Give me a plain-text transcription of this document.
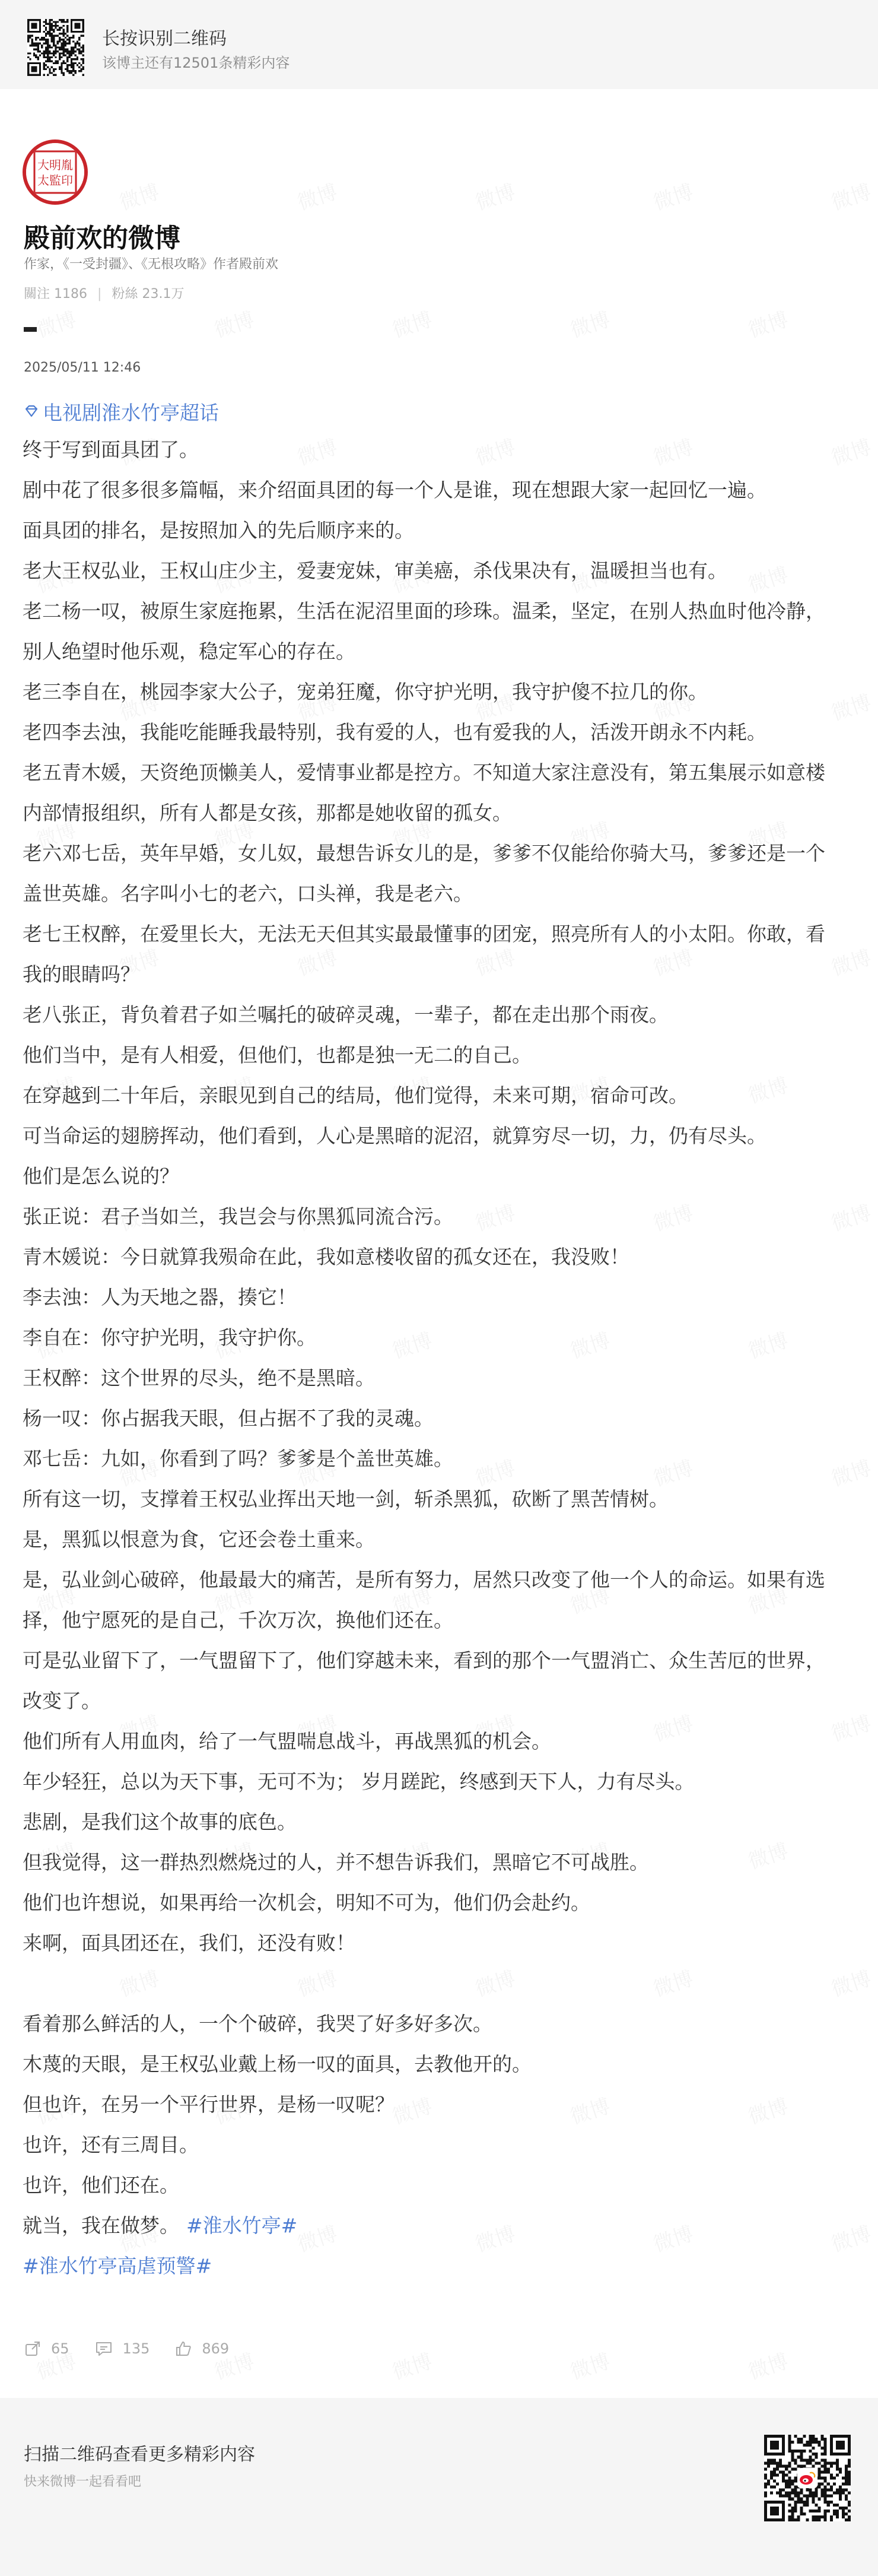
长按识别二维码
该博主还有12501条精彩内容
大明胤
太監印
殿前欢的微博
作家，《一受封疆》、《无根攻略》作者殿前欢
關注 1186 | 粉絲 23.1万
2025/05/11 12:46
电视剧淮水竹亭超话
终于写到面具团了。
剧中花了很多很多篇幅，来介绍面具团的每一个人是谁，现在想跟大家一起回忆一遍。
面具团的排名，是按照加入的先后顺序来的。
老大王权弘业，王权山庄少主，爱妻宠妹，审美癌，杀伐果决有，温暖担当也有。
老二杨一叹，被原生家庭拖累，生活在泥沼里面的珍珠。温柔，坚定，在别人热血时他冷静，
别人绝望时他乐观，稳定军心的存在。
老三李自在，桃园李家大公子，宠弟狂魔，你守护光明，我守护傻不拉几的你。
老四李去浊，我能吃能睡我最特别，我有爱的人，也有爱我的人，活泼开朗永不内耗。
老五青木媛，天资绝顶懒美人，爱情事业都是控方。不知道大家注意没有，第五集展示如意楼
内部情报组织，所有人都是女孩，那都是她收留的孤女。
老六邓七岳，英年早婚，女儿奴，最想告诉女儿的是，爹爹不仅能给你骑大马，爹爹还是一个
盖世英雄。名字叫小七的老六，口头禅，我是老六。
老七王权醉，在爱里长大，无法无天但其实最最懂事的团宠，照亮所有人的小太阳。你敢，看
我的眼睛吗？
老八张正，背负着君子如兰嘱托的破碎灵魂，一辈子，都在走出那个雨夜。
他们当中，是有人相爱，但他们，也都是独一无二的自己。
在穿越到二十年后，亲眼见到自己的结局，他们觉得，未来可期，宿命可改。
可当命运的翅膀挥动，他们看到，人心是黑暗的泥沼，就算穷尽一切，力，仍有尽头。
他们是怎么说的？
张正说：君子当如兰，我岂会与你黑狐同流合污。
青木媛说：今日就算我殒命在此，我如意楼收留的孤女还在，我没败！
李去浊：人为天地之器，揍它！
李自在：你守护光明，我守护你。
王权醉：这个世界的尽头，绝不是黑暗。
杨一叹：你占据我天眼，但占据不了我的灵魂。
邓七岳：九如，你看到了吗？爹爹是个盖世英雄。
所有这一切，支撑着王权弘业挥出天地一剑，斩杀黑狐，砍断了黑苦情树。
是，黑狐以恨意为食，它还会卷土重来。
是，弘业剑心破碎，他最最大的痛苦，是所有努力，居然只改变了他一个人的命运。如果有选
择，他宁愿死的是自己，千次万次，换他们还在。
可是弘业留下了，一气盟留下了，他们穿越未来，看到的那个一气盟消亡、众生苦厄的世界，
改变了。
他们所有人用血肉，给了一气盟喘息战斗，再战黑狐的机会。
年少轻狂，总以为天下事，无可不为； 岁月蹉跎，终感到天下人，力有尽头。
悲剧，是我们这个故事的底色。
但我觉得，这一群热烈燃烧过的人，并不想告诉我们，黑暗它不可战胜。
他们也许想说，如果再给一次机会，明知不可为，他们仍会赴约。
来啊，面具团还在，我们，还没有败！
看着那么鲜活的人，一个个破碎，我哭了好多好多次。
木蔑的天眼，是王权弘业戴上杨一叹的面具，去教他开的。
但也许，在另一个平行世界，是杨一叹呢？
也许，还有三周目。
也许，他们还在。
就当，我在做梦。 #淮水竹亭#
#淮水竹亭高虐预警#
65	135	869
扫描二维码查看更多精彩内容
快来微博一起看看吧
